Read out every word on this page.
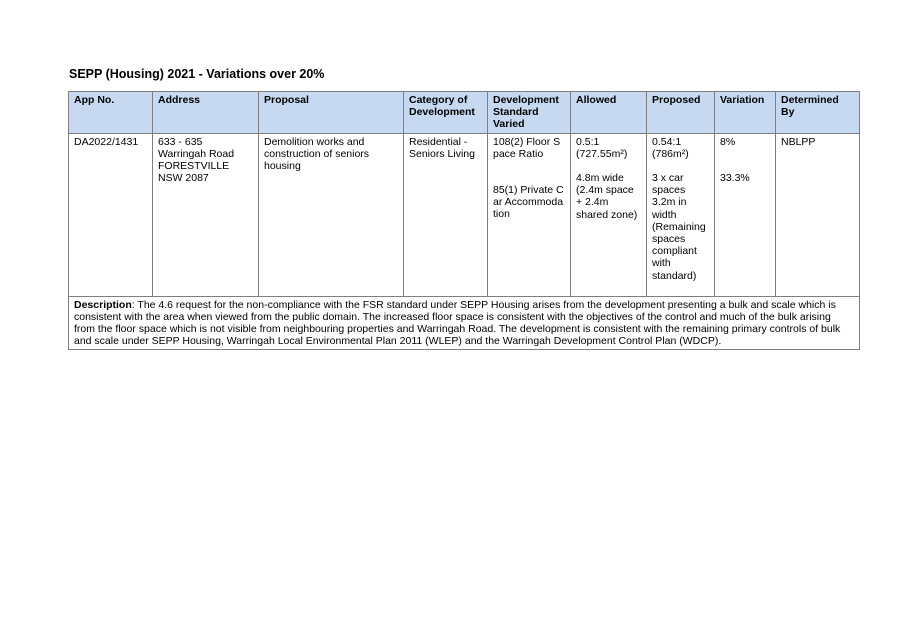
SEPP (Housing) 2021 - Variations over 20%
App No.	Address	Proposal	Category of Development	Development Standard Varied	Allowed	Proposed	Variation	Determined By
DA2022/1431	633 - 635
Warringah Road
FORESTVILLE
NSW 2087	Demolition works and construction of seniors housing	Residential - Seniors Living	108(2) Floor Space Ratio
85(1) Private Car Accommodation	0.5:1
(727.55m²)
4.8m wide (2.4m space + 2.4m shared zone)	0.54:1
(786m²)
3 x car spaces 3.2m in width (Remaining spaces compliant with standard)	8%
33.3%	NBLPP
Description: The 4.6 request for the non-compliance with the FSR standard under SEPP Housing arises from the development presenting a bulk and scale which is consistent with the area when viewed from the public domain. The increased floor space is consistent with the objectives of the control and much of the bulk arising from the floor space which is not visible from neighbouring properties and Warringah Road. The development is consistent with the remaining primary controls of bulk and scale under SEPP Housing, Warringah Local Environmental Plan 2011 (WLEP) and the Warringah Development Control Plan (WDCP).								
